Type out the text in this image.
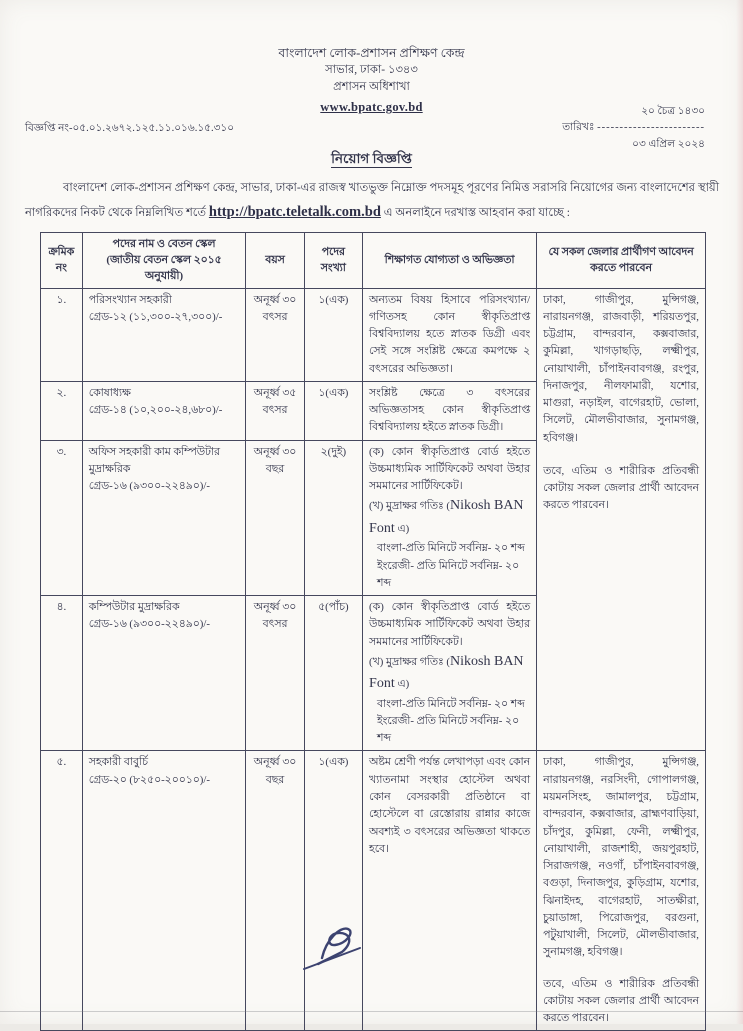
বাংলাদেশ লোক-প্রশাসন প্রশিক্ষণ কেন্দ্র
সাভার, ঢাকা- ১৩৪৩
প্রশাসন অধিশাখা
www.bpatc.gov.bd
বিজ্ঞপ্তি নং-০৫.০১.২৬৭২.১২৫.১১.০১৬.১৫.৩১০
২০ চৈত্র ১৪৩০
তারিখঃ ------------------------
০৩ এপ্রিল ২০২৪
নিয়োগ বিজ্ঞপ্তি

বাংলাদেশ লোক-প্রশাসন প্রশিক্ষণ কেন্দ্র, সাভার, ঢাকা-এর রাজস্ব খাতভুক্ত নিম্নোক্ত পদসমূহ পূরণের নিমিত্ত সরাসরি নিয়োগের জন্য বাংলাদেশের স্থায়ী নাগরিকদের নিকট থেকে নিম্নলিখিত শর্তে http://bpatc.teletalk.com.bd এ অনলাইনে দরখাস্ত আহবান করা যাচ্ছে :

ক্রমিক নং	পদের নাম ও বেতন স্কেল
(জাতীয় বেতন স্কেল ২০১৫ অনুযায়ী)	বয়স	পদের সংখ্যা	শিক্ষাগত যোগ্যতা ও অভিজ্ঞতা	যে সকল জেলার প্রার্থীগণ আবেদন করতে পারবেন
১.	পরিসংখ্যান সহকারী
গ্রেড-১২ (১১,৩০০-২৭,৩০০)/-	অনূর্ধ্ব ৩০ বৎসর	১(এক)	অন্যতম বিষয় হিসাবে পরিসংখ্যান/গণিতসহ কোন স্বীকৃতিপ্রাপ্ত বিশ্ববিদ্যালয় হতে স্নাতক ডিগ্রী এবং সেই সঙ্গে সংশ্লিষ্ট ক্ষেত্রে কমপক্ষে ২ বৎসরের অভিজ্ঞতা।	
ঢাকা, গাজীপুর, মুন্সিগঞ্জ, নারায়নগঞ্জ, রাজবাড়ী, শরিয়তপুর, চট্টগ্রাম, বান্দরবান, কক্সবাজার, কুমিল্লা, খাগড়াছড়ি, লক্ষ্মীপুর, নোয়াখালী, চাঁপাইনবাবগঞ্জ, রংপুর, দিনাজপুর, নীলফামারী, যশোর, মাগুরা, নড়াইল, বাগেরহাট, ভোলা, সিলেট, মৌলভীবাজার, সুনামগঞ্জ, হবিগঞ্জ।
তবে, এতিম ও শারীরিক প্রতিবন্ধী কোটায় সকল জেলার প্রার্থী আবেদন করতে পারবেন।

২.	কোষাধ্যক্ষ
গ্রেড-১৪ (১০,২০০-২৪,৬৮০)/-	অনূর্ধ্ব ৩৫ বৎসর	১(এক)	সংশ্লিষ্ট ক্ষেত্রে ৩ বৎসরের অভিজ্ঞতাসহ কোন স্বীকৃতিপ্রাপ্ত বিশ্ববিদ্যালয় হইতে স্নাতক ডিগ্রী।	
৩.	অফিস সহকারী কাম কম্পিউটার মুদ্রাক্ষরিক
গ্রেড-১৬ (৯৩০০-২২৪৯০)/-	অনূর্ধ্ব ৩০ বছর	২(দুই)	(ক) কোন স্বীকৃতিপ্রাপ্ত বোর্ড হইতে উচ্চমাধ্যমিক সার্টিফিকেট অথবা উহার সমমানের সার্টিফিকেট।
(খ) মুদ্রাক্ষর গতিঃ (Nikosh BAN Font এ)
বাংলা-প্রতি মিনিটে সর্বনিম্ন- ২০ শব্দ
ইংরেজী- প্রতি মিনিটে সর্বনিম্ন- ২০ শব্দ

৪.	কম্পিউটার মুদ্রাক্ষরিক
গ্রেড-১৬ (৯৩০০-২২৪৯০)/-	অনূর্ধ্ব ৩০ বৎসর	৫(পাঁচ)	(ক) কোন স্বীকৃতিপ্রাপ্ত বোর্ড হইতে উচ্চমাধ্যমিক সার্টিফিকেট অথবা উহার সমমানের সার্টিফিকেট।
(খ) মুদ্রাক্ষর গতিঃ (Nikosh BAN Font এ)
বাংলা-প্রতি মিনিটে সর্বনিম্ন- ২০ শব্দ
ইংরেজী- প্রতি মিনিটে সর্বনিম্ন- ২০ শব্দ

৫.	সহকারী বাবুর্চি
গ্রেড-২০ (৮২৫০-২০০১০)/-	অনূর্ধ্ব ৩০ বছর	১(এক)	অষ্টম শ্রেণী পর্যন্ত লেখাপড়া এবং কোন খ্যাতনামা সংস্থার হোস্টেল অথবা কোন বেসরকারী প্রতিষ্ঠানে বা হোস্টেলে বা রেস্তোরায় রান্নার কাজে অবশ্যই ৩ বৎসরের অভিজ্ঞতা থাকতে হবে।	
ঢাকা, গাজীপুর, মুন্সিগঞ্জ, নারায়নগঞ্জ, নরসিংদী, গোপালগঞ্জ, ময়মনসিংহ, জামালপুর, চট্টগ্রাম, বান্দরবান, কক্সবাজার, ব্রাহ্মণবাড়িয়া, চাঁদপুর, কুমিল্লা, ফেনী, লক্ষ্মীপুর, নোয়াখালী, রাজশাহী, জয়পুরহাট, সিরাজগঞ্জ, নওগাঁ, চাঁপাইনবাবগঞ্জ, বগুড়া, দিনাজপুর, কুড়িগ্রাম, যশোর, ঝিনাইদহ, বাগেরহাট, সাতক্ষীরা, চুয়াডাঙ্গা, পিরোজপুর, বরগুনা, পটুয়াখালী, সিলেট, মৌলভীবাজার, সুনামগঞ্জ, হবিগঞ্জ।
তবে, এতিম ও শারীরিক প্রতিবন্ধী কোটায় সকল জেলার প্রার্থী আবেদন করতে পারবেন।
